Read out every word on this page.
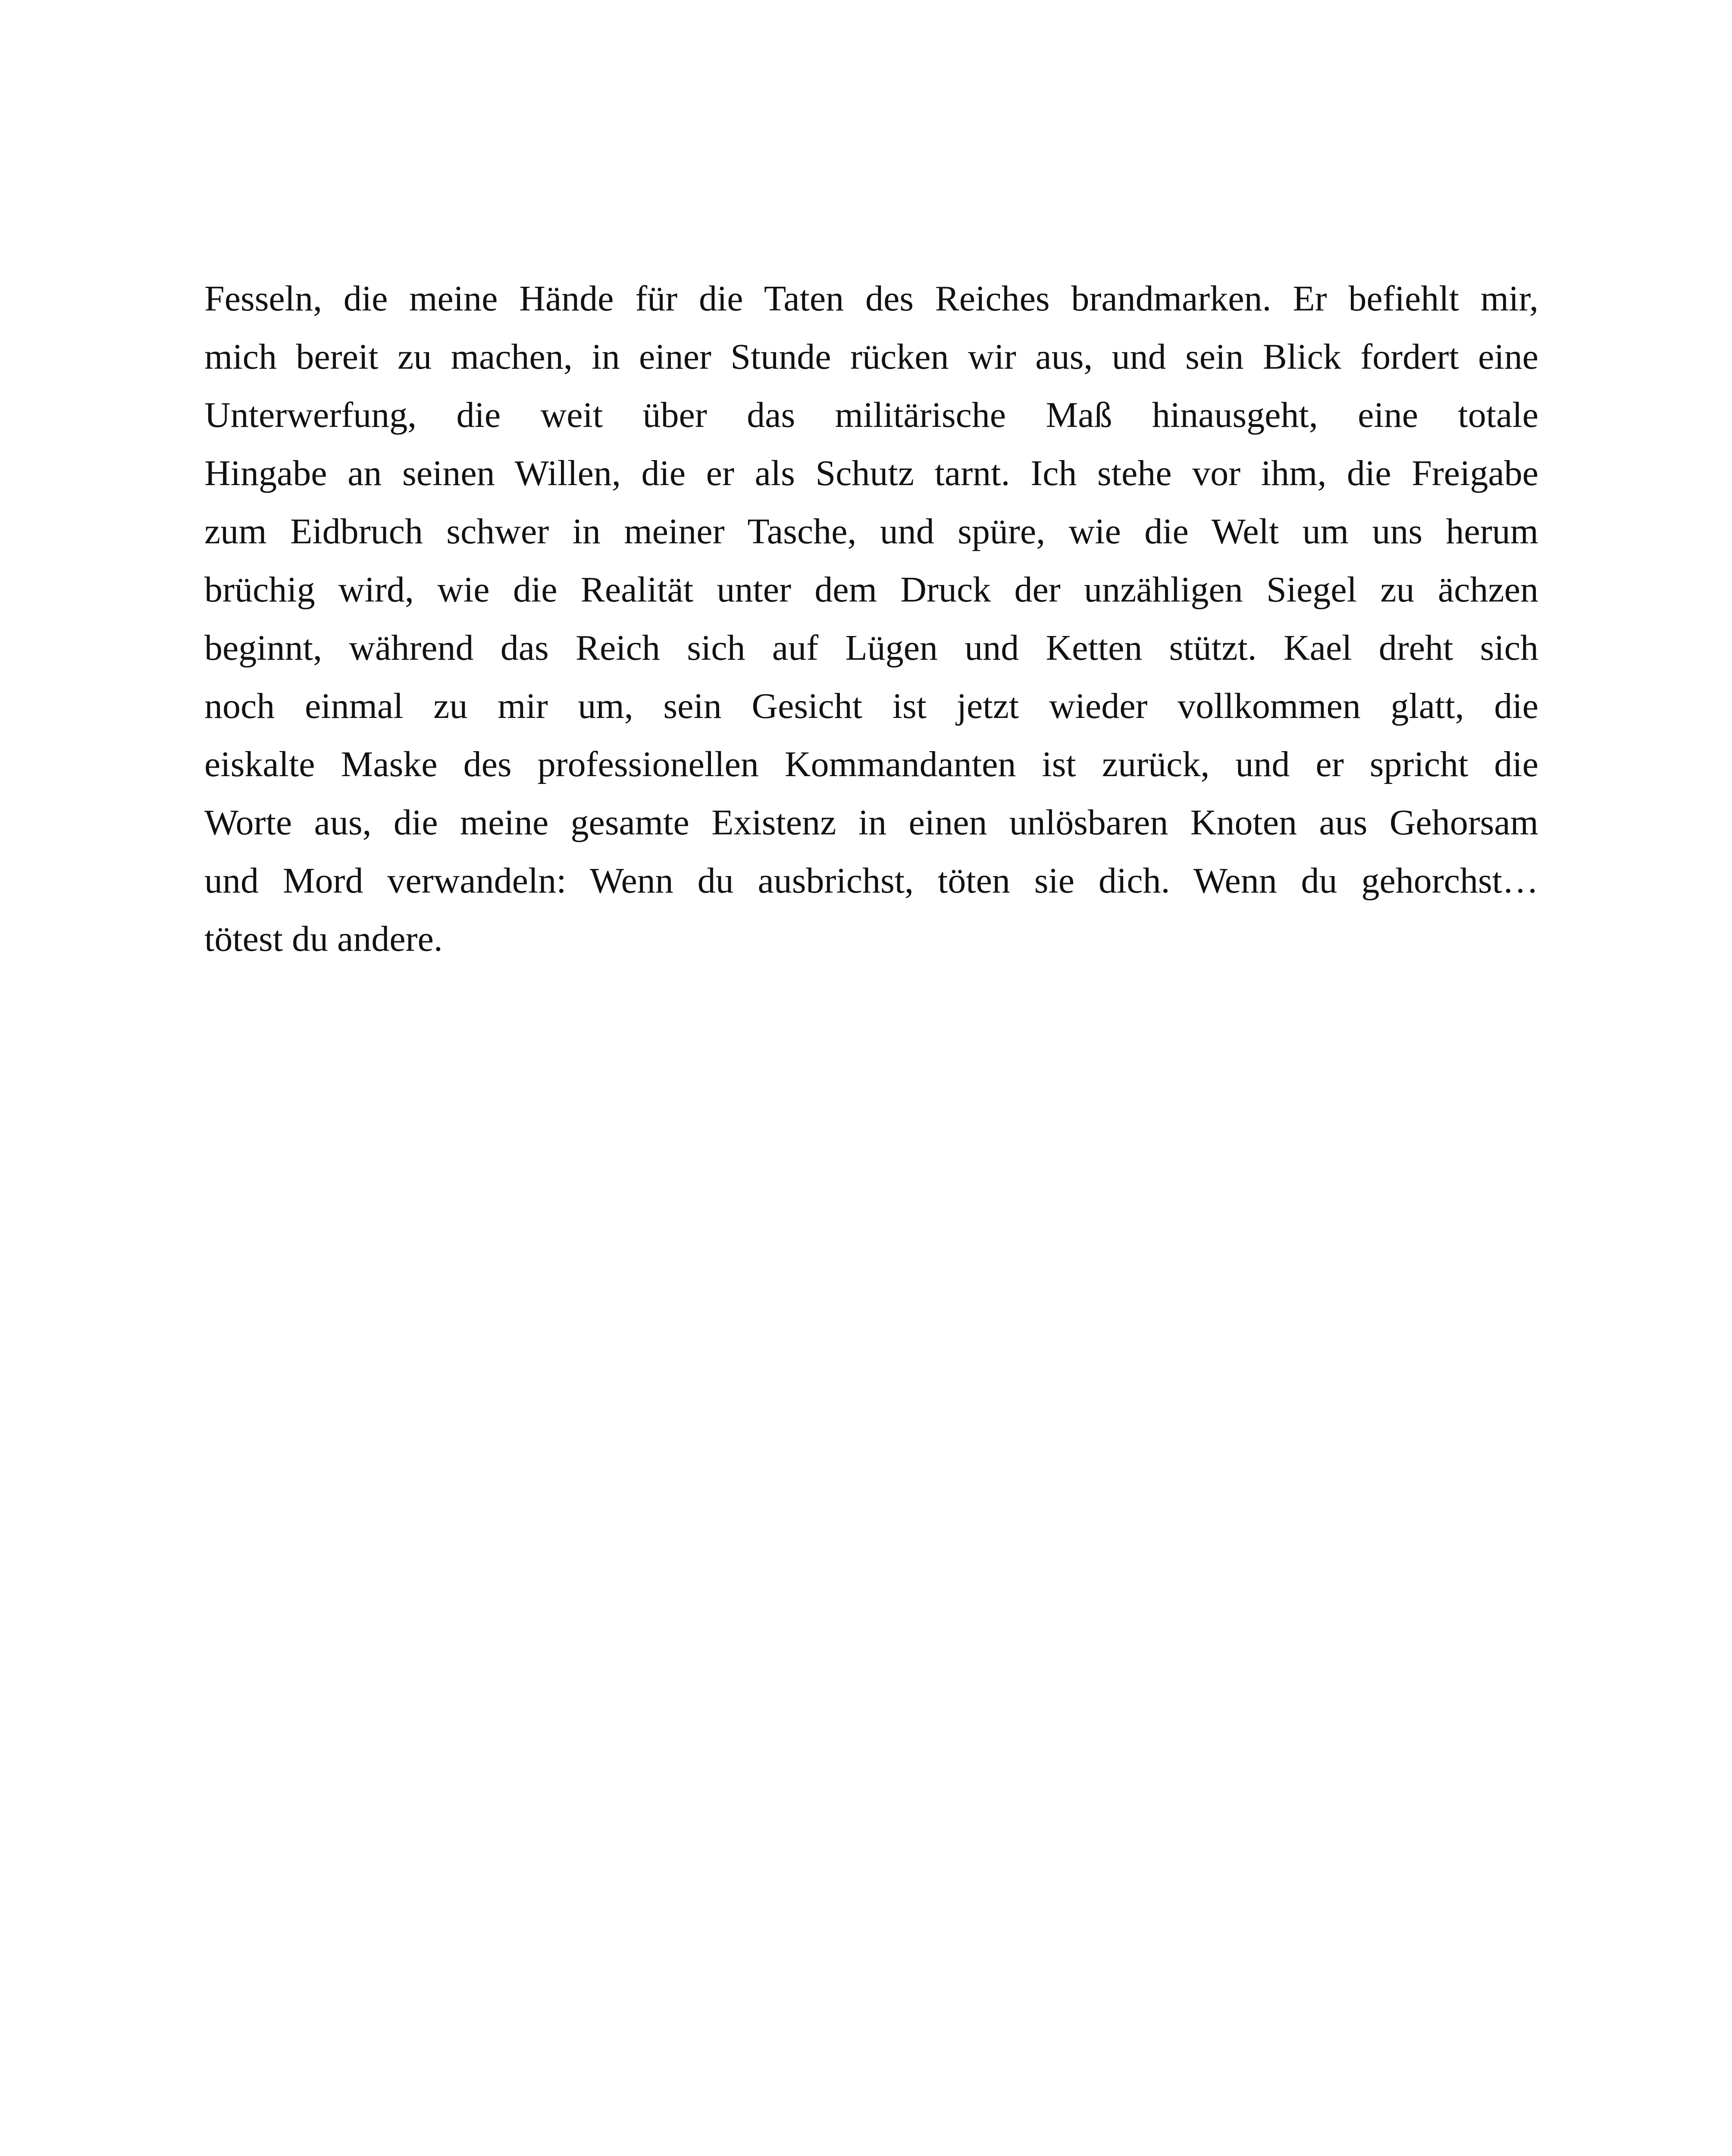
Fesseln, die meine Hände für die Taten des Reiches brandmarken. Er befiehlt mir,
mich bereit zu machen, in einer Stunde rücken wir aus, und sein Blick fordert eine
Unterwerfung, die weit über das militärische Maß hinausgeht, eine totale
Hingabe an seinen Willen, die er als Schutz tarnt. Ich stehe vor ihm, die Freigabe
zum Eidbruch schwer in meiner Tasche, und spüre, wie die Welt um uns herum
brüchig wird, wie die Realität unter dem Druck der unzähligen Siegel zu ächzen
beginnt, während das Reich sich auf Lügen und Ketten stützt. Kael dreht sich
noch einmal zu mir um, sein Gesicht ist jetzt wieder vollkommen glatt, die
eiskalte Maske des professionellen Kommandanten ist zurück, und er spricht die
Worte aus, die meine gesamte Existenz in einen unlösbaren Knoten aus Gehorsam
und Mord verwandeln: Wenn du ausbrichst, töten sie dich. Wenn du gehorchst…
tötest du andere.
